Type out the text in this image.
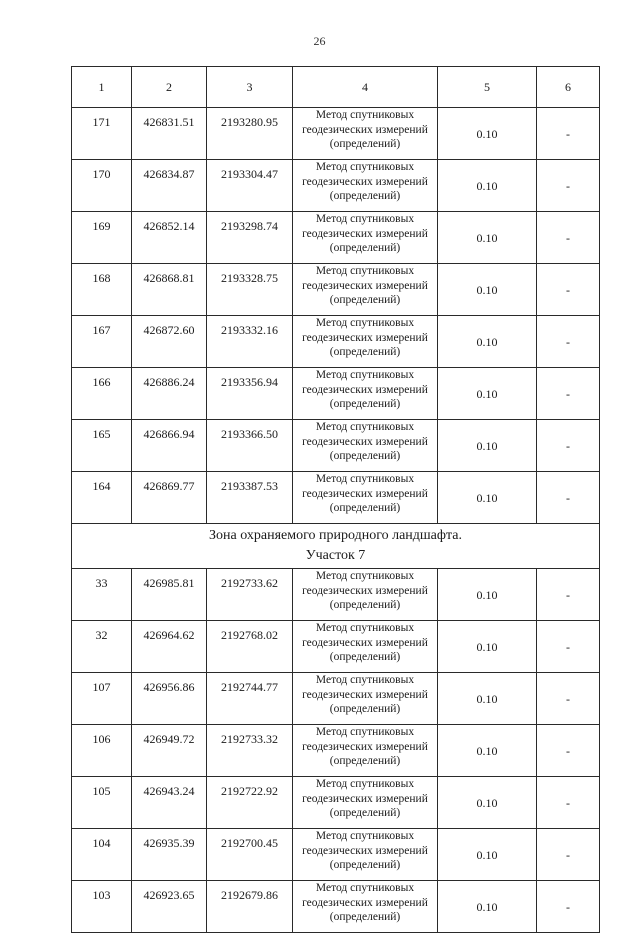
26
1	2	3	4	5	6
171	426831.51	2193280.95	Метод спутниковых
геодезических измерений
(определений)	0.10	-
170	426834.87	2193304.47	Метод спутниковых
геодезических измерений
(определений)	0.10	-
169	426852.14	2193298.74	Метод спутниковых
геодезических измерений
(определений)	0.10	-
168	426868.81	2193328.75	Метод спутниковых
геодезических измерений
(определений)	0.10	-
167	426872.60	2193332.16	Метод спутниковых
геодезических измерений
(определений)	0.10	-
166	426886.24	2193356.94	Метод спутниковых
геодезических измерений
(определений)	0.10	-
165	426866.94	2193366.50	Метод спутниковых
геодезических измерений
(определений)	0.10	-
164	426869.77	2193387.53	Метод спутниковых
геодезических измерений
(определений)	0.10	-

Зона охраняемого природного ландшафта.
Участок 7					

33	426985.81	2192733.62	Метод спутниковых
геодезических измерений
(определений)	0.10	-
32	426964.62	2192768.02	Метод спутниковых
геодезических измерений
(определений)	0.10	-
107	426956.86	2192744.77	Метод спутниковых
геодезических измерений
(определений)	0.10	-
106	426949.72	2192733.32	Метод спутниковых
геодезических измерений
(определений)	0.10	-
105	426943.24	2192722.92	Метод спутниковых
геодезических измерений
(определений)	0.10	-
104	426935.39	2192700.45	Метод спутниковых
геодезических измерений
(определений)	0.10	-
103	426923.65	2192679.86	Метод спутниковых
геодезических измерений
(определений)	0.10	-
